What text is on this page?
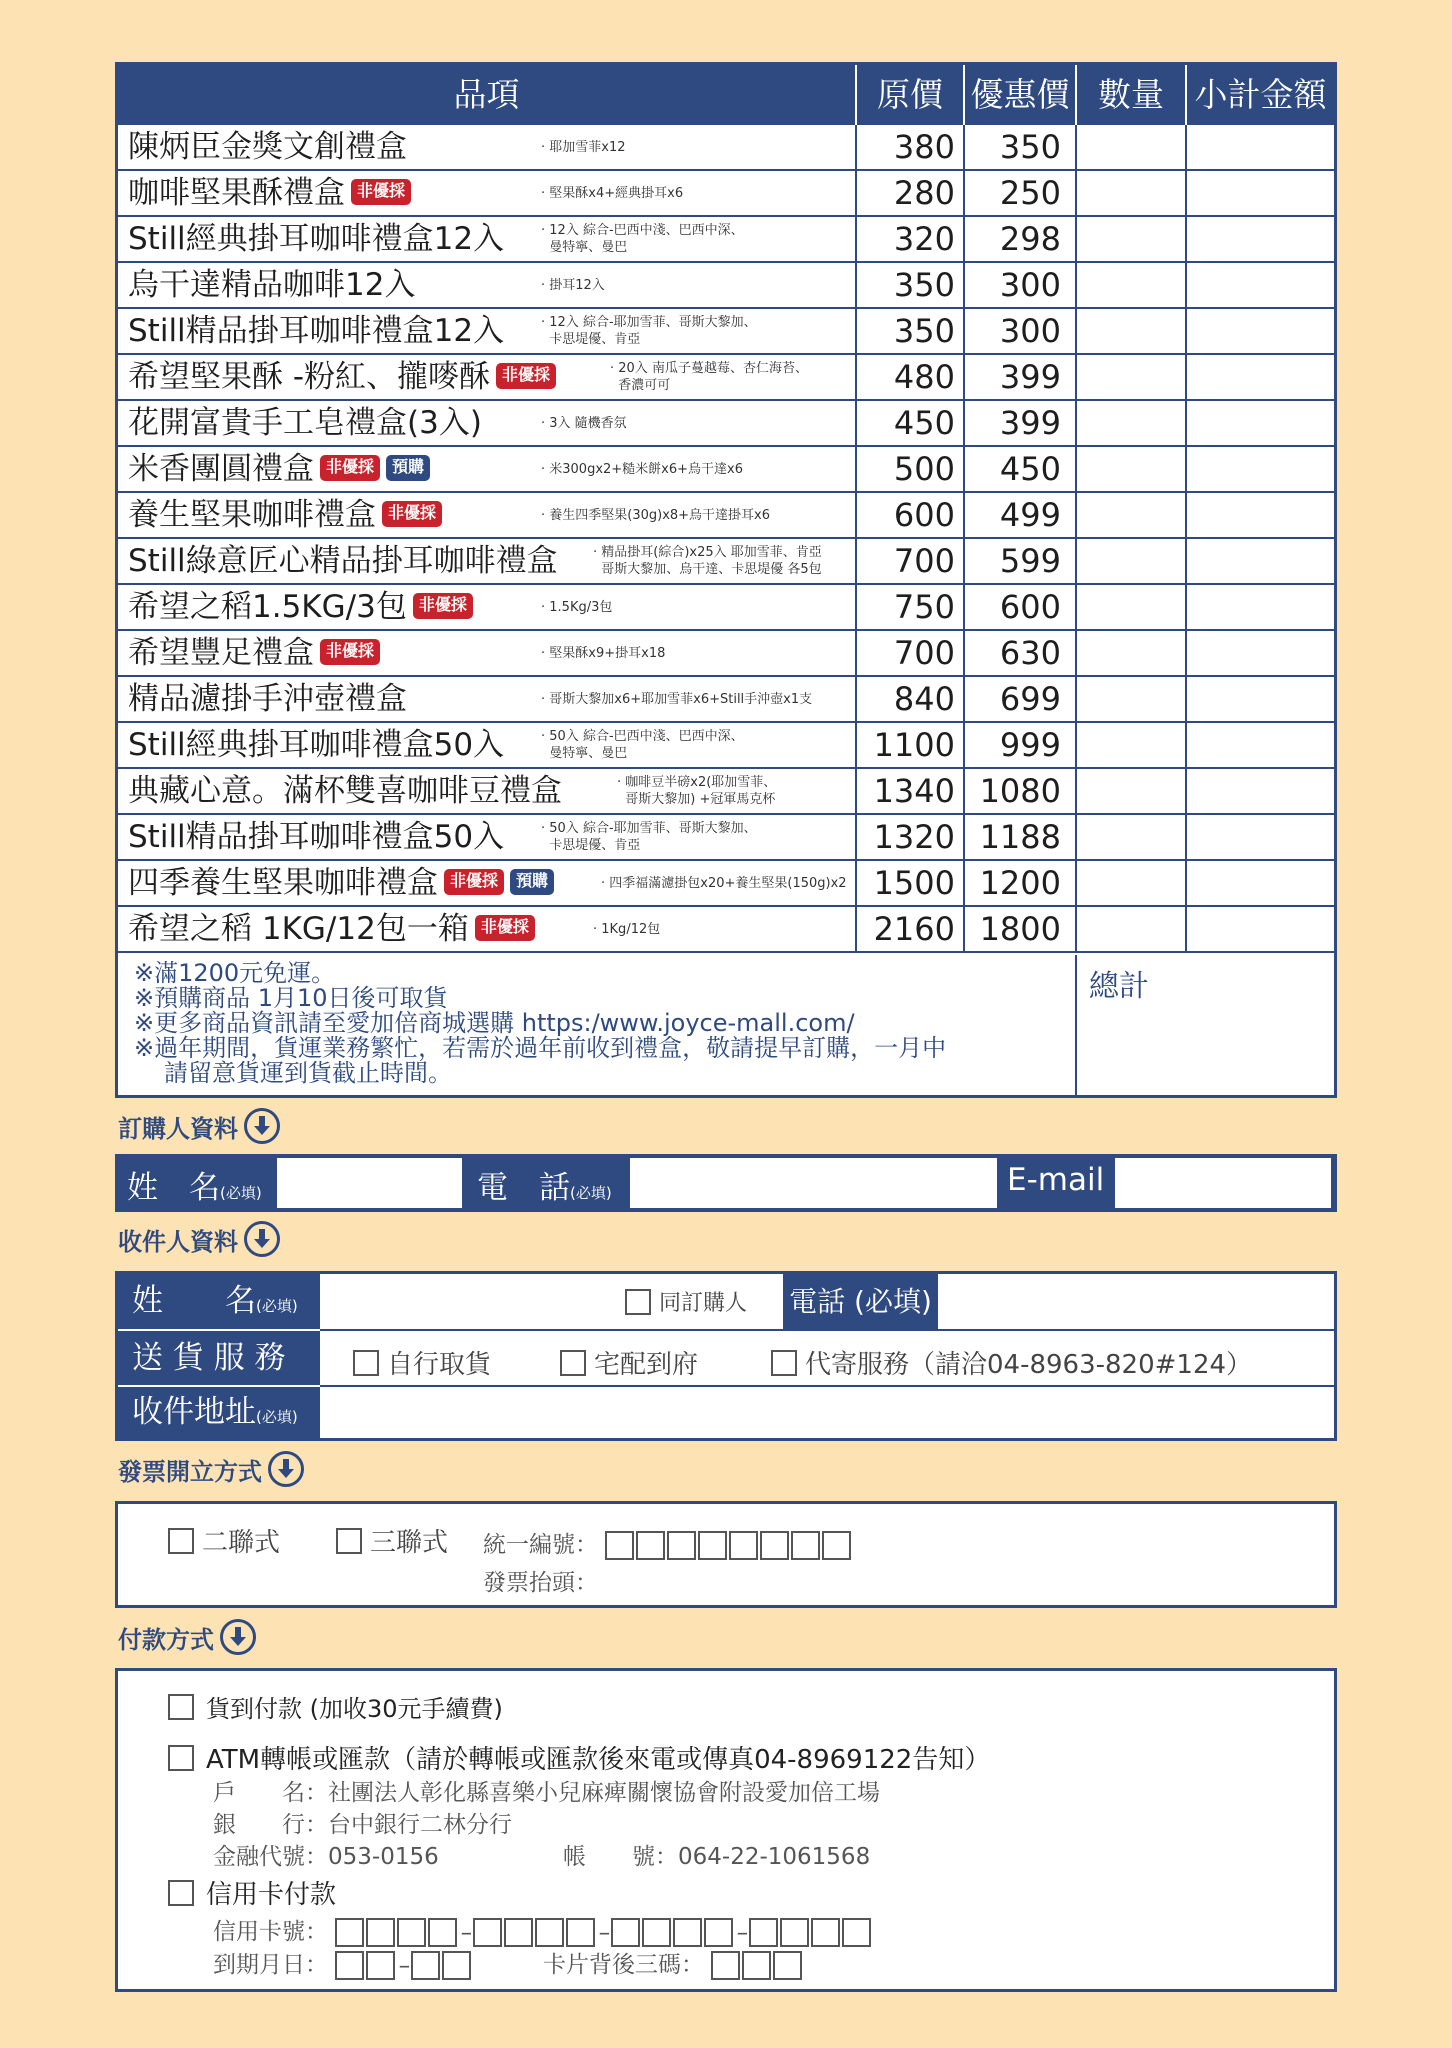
品項	原價 優惠價 數量 小計金額
陳炳臣金獎文創禮盒	· 耶加雪菲x12	380	350
咖啡堅果酥禮盒 非優採	· 堅果酥x4+經典掛耳x6	280	250
Still經典掛耳咖啡禮盒12入	· 12入 綜合-巴西中淺、巴西中深、
曼特寧、曼巴	320	298
烏干達精品咖啡12入	· 掛耳12入	350	300
Still精品掛耳咖啡禮盒12入	· 12入 綜合-耶加雪菲、哥斯大黎加、
卡思堤優、肯亞	350	300
希望堅果酥 -粉紅、攏嘜酥 非優採	· 20入 南瓜子蔓越莓、杏仁海苔、
香濃可可	480	399
花開富貴手工皂禮盒(3入)	· 3入 隨機香氛	450	399
米香團圓禮盒 非優採 預購	· 米300gx2+糙米餅x6+烏干達x6	500	450
養生堅果咖啡禮盒 非優採	· 養生四季堅果(30g)x8+烏干達掛耳x6	600	499
Still綠意匠心精品掛耳咖啡禮盒	· 精品掛耳(綜合)x25入 耶加雪菲、肯亞
哥斯大黎加、烏干達、卡思堤優 各5包	700	599
希望之稻1.5KG/3包 非優採	· 1.5Kg/3包	750	600
希望豐足禮盒 非優採	· 堅果酥x9+掛耳x18	700	630
精品濾掛手沖壺禮盒	· 哥斯大黎加x6+耶加雪菲x6+Still手沖壺x1支	840	699
Still經典掛耳咖啡禮盒50入	· 50入 綜合-巴西中淺、巴西中深、
曼特寧、曼巴	1100	999
典藏心意。滿杯雙喜咖啡豆禮盒	· 咖啡豆半磅x2(耶加雪菲、
哥斯大黎加) +冠軍馬克杯	1340 1080
Still精品掛耳咖啡禮盒50入	· 50入 綜合-耶加雪菲、哥斯大黎加、
卡思堤優、肯亞	1320 1188
四季養生堅果咖啡禮盒 非優採 預購	· 四季福滿濾掛包x20+養生堅果(150g)x2 1500 1200
希望之稻 1KG/12包一箱 非優採	· 1Kg/12包	2160 1800
※滿1200元免運。
※預購商品 1月10日後可取貨
※更多商品資訊請至愛加倍商城選購 https:/www.joyce-mall.com/
※過年期間，貨運業務繁忙，若需於過年前收到禮盒，敬請提早訂購，一月中
請留意貨運到貨截止時間。
總計
訂購人資料
姓　名(必填)	電　話(必填)	E-mail
收件人資料
姓　　名(必填)	同訂購人 電話 (必填)
送 貨 服 務	自行取貨	宅配到府	代寄服務（請洽04-8963-820#124）
收件地址(必填)
發票開立方式
二聯式	三聯式 統一編號：
發票抬頭：
付款方式
貨到付款 (加收30元手續費)
ATM轉帳或匯款（請於轉帳或匯款後來電或傳真04-8969122告知）
戶　　名：社團法人彰化縣喜樂小兒麻痺關懷協會附設愛加倍工場
銀　　行：台中銀行二林分行
金融代號：053-0156	帳　　號：064-22-1061568
信用卡付款
信用卡號：	–	–	–
到期月日：	–	卡片背後三碼：
